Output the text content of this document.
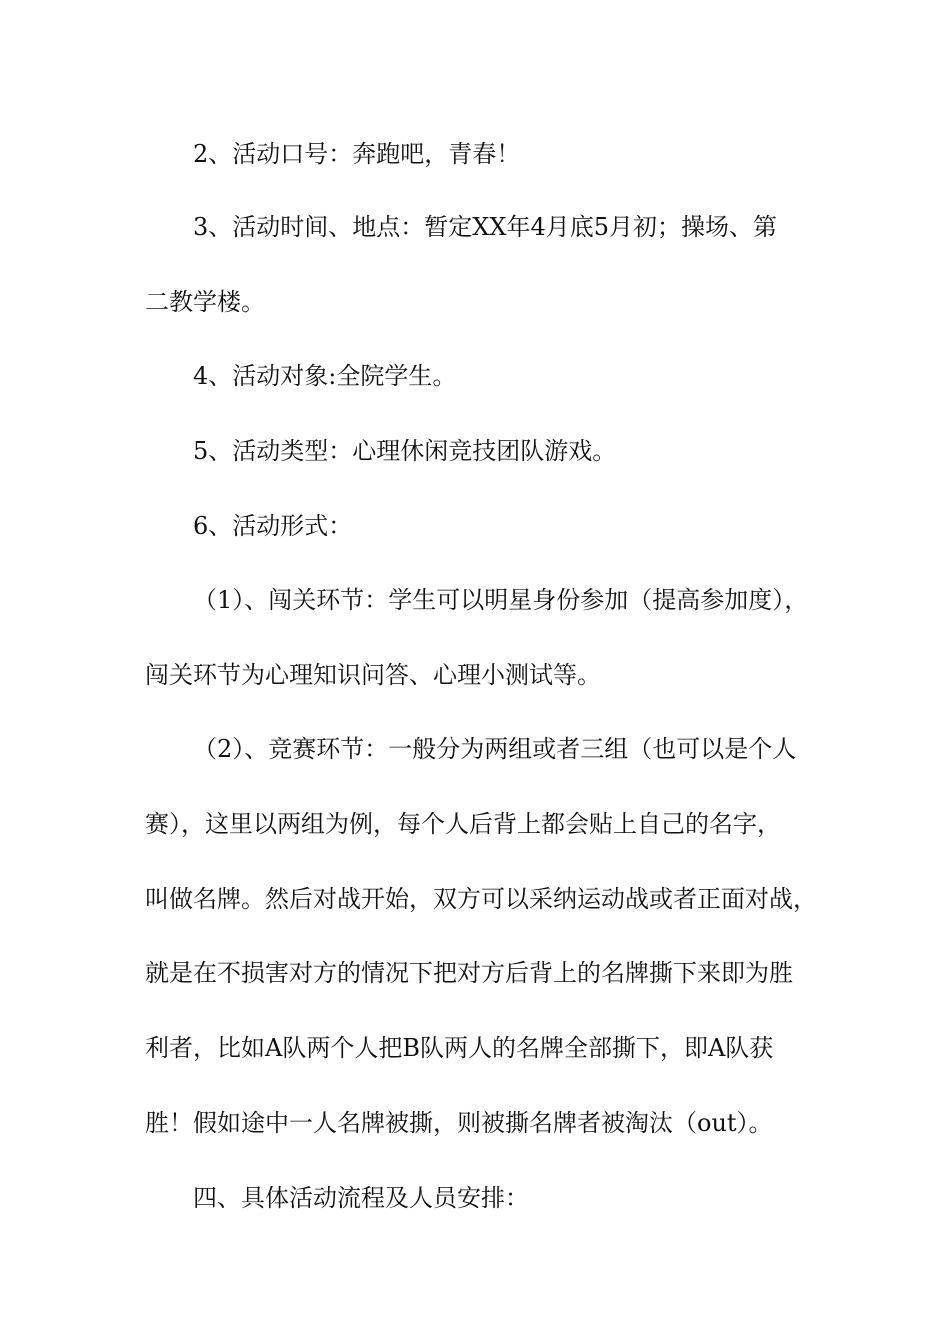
2、活动口号：奔跑吧，青春！
3、活动时间、地点：暂定XX年4月底5月初；操场、第
二教学楼。
4、活动对象:全院学生。
5、活动类型：心理休闲竞技团队游戏。
6、活动形式：
（1）、闯关环节：学生可以明星身份参加（提高参加度），
闯关环节为心理知识问答、心理小测试等。
（2）、竞赛环节：一般分为两组或者三组（也可以是个人
赛），这里以两组为例，每个人后背上都会贴上自己的名字，
叫做名牌。然后对战开始，双方可以采纳运动战或者正面对战，
就是在不损害对方的情况下把对方后背上的名牌撕下来即为胜
利者，比如A队两个人把B队两人的名牌全部撕下，即A队获
胜！假如途中一人名牌被撕，则被撕名牌者被淘汰（out）。
四、具体活动流程及人员安排：
